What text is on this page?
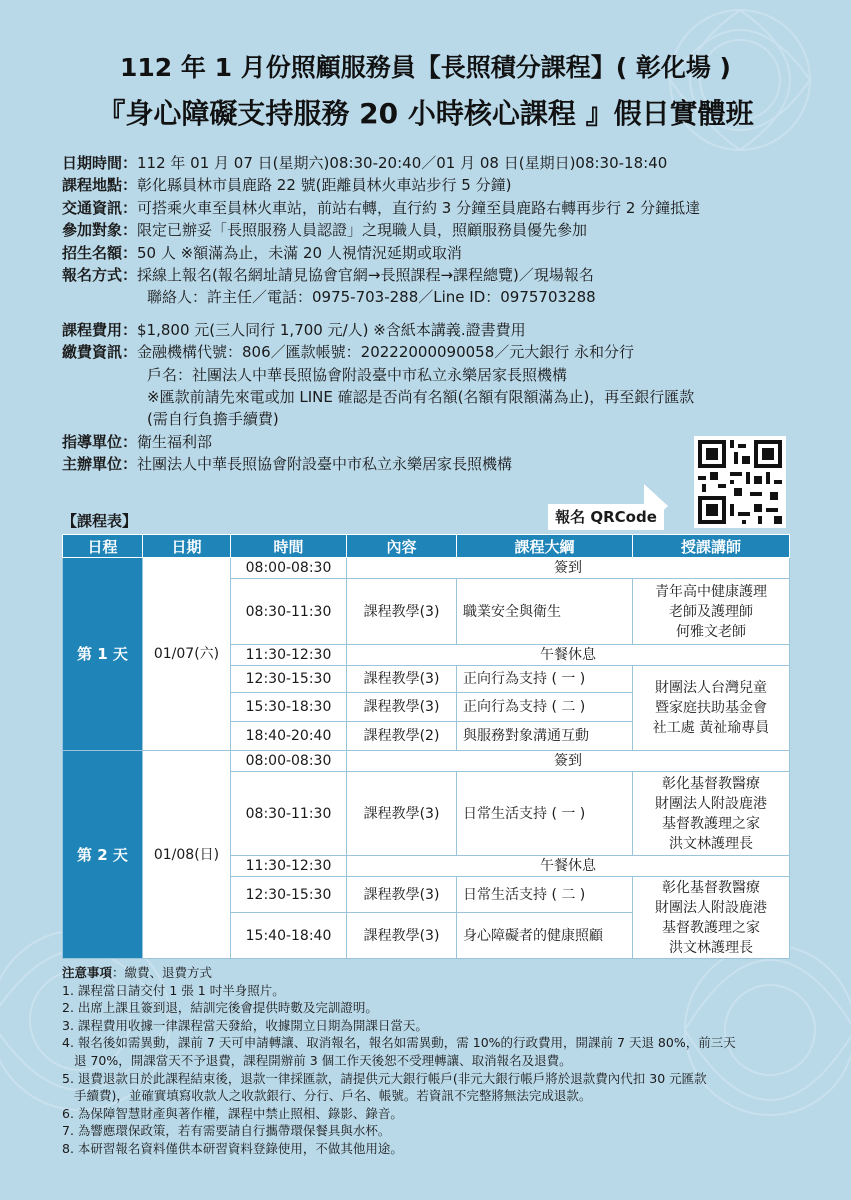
112 年 1 月份照顧服務員【長照積分課程】( 彰化場 )
『身心障礙支持服務 20 小時核心課程 』假日實體班
日期時間： 112 年 01 月 07 日(星期六)08:30-20:40／01 月 08 日(星期日)08:30-18:40
課程地點： 彰化縣員林市員鹿路 22 號(距離員林火車站步行 5 分鐘)
交通資訊： 可搭乘火車至員林火車站，前站右轉，直行約 3 分鐘至員鹿路右轉再步行 2 分鐘抵達
參加對象： 限定已辦妥「長照服務人員認證」之現職人員，照顧服務員優先參加
招生名額： 50 人 ※額滿為止，未滿 20 人視情況延期或取消
報名方式： 採線上報名(報名網址請見協會官網→長照課程→課程總覽)／現場報名
聯絡人：許主任／電話：0975-703-288／Line ID：0975703288
課程費用： $1,800 元(三人同行 1,700 元/人) ※含紙本講義.證書費用
繳費資訊： 金融機構代號：806／匯款帳號：20222000090058／元大銀行 永和分行
戶名：社團法人中華長照協會附設臺中市私立永樂居家長照機構
※匯款前請先來電或加 LINE 確認是否尚有名額(名額有限額滿為止)，再至銀行匯款
(需自行負擔手續費)
指導單位： 衛生福利部
主辦單位： 社團法人中華長照協會附設臺中市私立永樂居家長照機構
報名 QRCode
【課程表】
日程	日期	時間	內容	課程大綱	授課講師
第 1 天	01/07(六)	08:00-08:30	簽到		
		08:30-11:30	課程教學(3)	職業安全與衛生	青年高中健康護理
老師及護理師
何雅文老師

		11:30-12:30	午餐休息		
		12:30-15:30	課程教學(3)	正向行為支持 ( 一 )	財團法人台灣兒童
暨家庭扶助基金會
社工處 黃祉瑜專員

		15:30-18:30	課程教學(3)	正向行為支持 ( 二 )	
		18:40-20:40	課程教學(2)	與服務對象溝通互動	
第 2 天	01/08(日)	08:00-08:30	簽到		
		08:30-11:30	課程教學(3)	日常生活支持 ( 一 )	彰化基督教醫療
財團法人附設鹿港
基督教護理之家
洪文林護理長

		11:30-12:30	午餐休息		
		12:30-15:30	課程教學(3)	日常生活支持 ( 二 )	彰化基督教醫療
財團法人附設鹿港
基督教護理之家
洪文林護理長

		15:40-18:40	課程教學(3)	身心障礙者的健康照顧	
注意事項：繳費、退費方式
1. 課程當日請交付 1 張 1 吋半身照片。
2. 出席上課且簽到退，結訓完後會提供時數及完訓證明。
3. 課程費用收據一律課程當天發給，收據開立日期為開課日當天。
4. 報名後如需異動，課前 7 天可申請轉讓、取消報名，報名如需異動，需 10%的行政費用，開課前 7 天退 80%，前三天
退 70%，開課當天不予退費，課程開辦前 3 個工作天後恕不受理轉讓、取消報名及退費。
5. 退費退款日於此課程結束後，退款一律採匯款，請提供元大銀行帳戶(非元大銀行帳戶將於退款費內代扣 30 元匯款
手續費)，並確實填寫收款人之收款銀行、分行、戶名、帳號。若資訊不完整將無法完成退款。
6. 為保障智慧財產與著作權，課程中禁止照相、錄影、錄音。
7. 為響應環保政策，若有需要請自行攜帶環保餐具與水杯。
8. 本研習報名資料僅供本研習資料登錄使用，不做其他用途。
